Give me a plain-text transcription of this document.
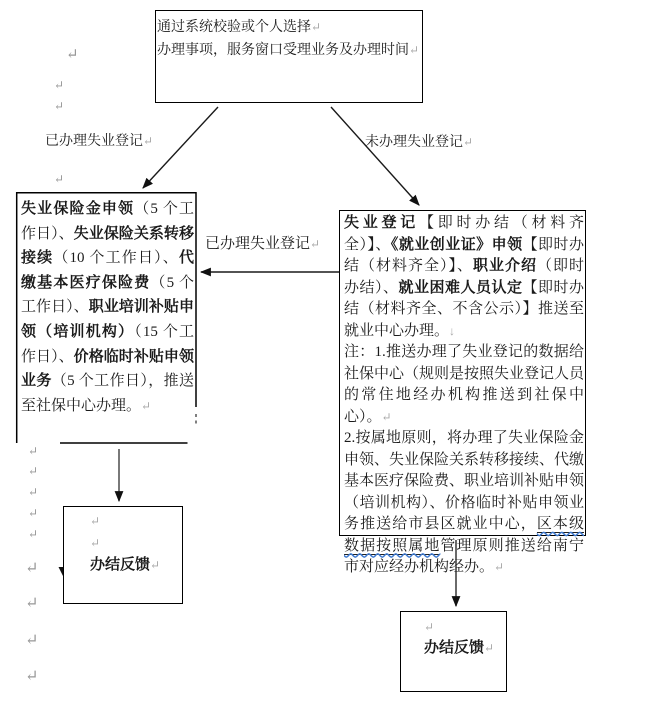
通过系统校验或个人选择↵
办理事项，服务窗口受理业务及办理时间↵
已办理失业登记↵	未办理失业登记↵
已办理失业登记↵
失业保险金申领（5 个工作日）、失业保险关系转移接续（10 个工作日）、代缴基本医疗保险费（5 个工作日）、职业培训补贴申领（培训机构）（15 个工作日）、价格临时补贴申领业务（5 个工作日），推送至社保中心办理。↵
失业登记【即时办结（材料齐全）】、《就业创业证》申领【即时办结（材料齐全）】、职业介绍（即时办结）、就业困难人员认定【即时办结（材料齐全、不含公示）】推送至就业中心办理。↓
注：1.推送办理了失业登记的数据给社保中心（规则是按照失业登记人员的常住地经办机构推送到社保中心）。↵
2.按属地原则，将办理了失业保险金申领、失业保险关系转移接续、代缴基本医疗保险费、职业培训补贴申领（培训机构）、价格临时补贴申领业务推送给市县区就业中心，区本级数据按照属地管理原则推送给南宁市对应经办机构经办。↵
↵
↵
办结反馈↵
↵
办结反馈↵
↵
↵
↵
↵
↵
↵
↵
↵
↵
↵
↵
↵
↵
